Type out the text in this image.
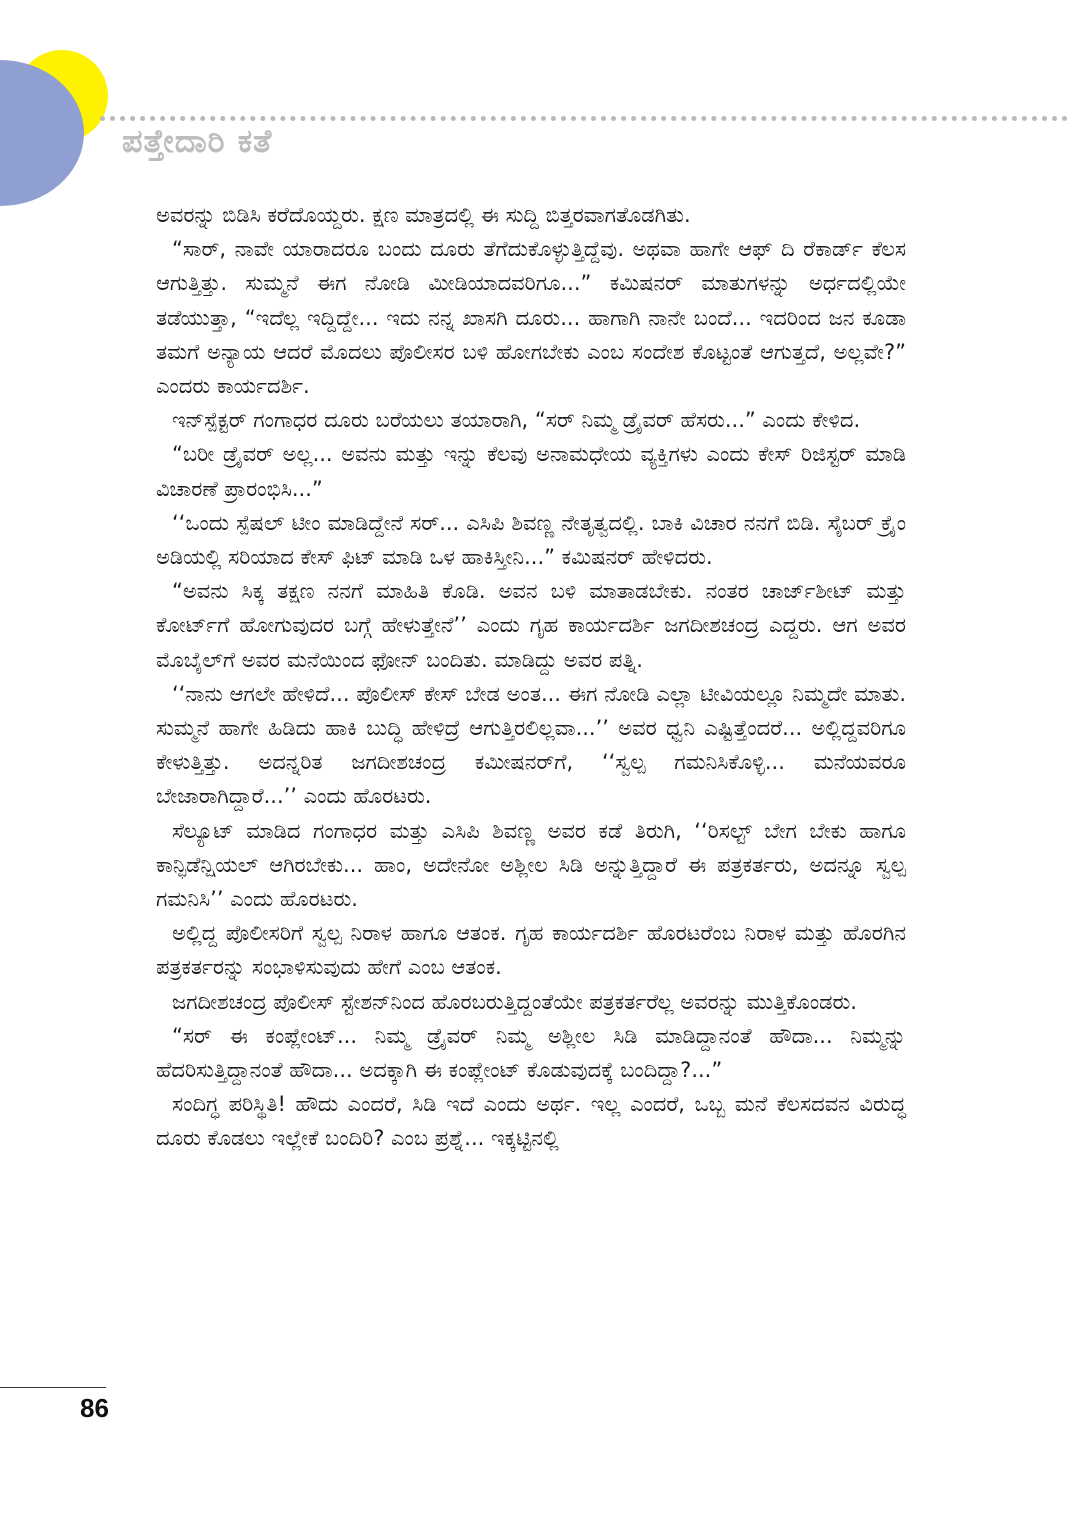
ಪತ್ತೇದಾರಿ ಕತೆ

ಅವರನ್ನು ಬಿಡಿಸಿ ಕರೆದೊಯ್ದರು. ಕ್ಷಣ ಮಾತ್ರದಲ್ಲಿ ಈ ಸುದ್ದಿ ಬಿತ್ತರವಾಗತೊಡಗಿತು.

“ಸಾರ್, ನಾವೇ ಯಾರಾದರೂ ಬಂದು ದೂರು ತೆಗೆದುಕೊಳ್ಳುತ್ತಿದ್ದೆವು. ಅಥವಾ ಹಾಗೇ ಆಫ್ ದಿ ರೆಕಾರ್ಡ್ ಕೆಲಸ ಆಗುತ್ತಿತ್ತು. ಸುಮ್ಮನೆ ಈಗ ನೋಡಿ ಮೀಡಿಯಾದವರಿಗೂ...” ಕಮಿಷನರ್ ಮಾತುಗಳನ್ನು ಅರ್ಧದಲ್ಲಿಯೇ ತಡೆಯುತ್ತಾ, “ಇದೆಲ್ಲ ಇದ್ದಿದ್ದೇ... ಇದು ನನ್ನ ಖಾಸಗಿ ದೂರು... ಹಾಗಾಗಿ ನಾನೇ ಬಂದೆ... ಇದರಿಂದ ಜನ ಕೂಡಾ ತಮಗೆ ಅನ್ಯಾಯ ಆದರೆ ಮೊದಲು ಪೊಲೀಸರ ಬಳಿ ಹೋಗಬೇಕು ಎಂಬ ಸಂದೇಶ ಕೊಟ್ಟಂತೆ ಆಗುತ್ತದೆ, ಅಲ್ಲವೇ?” ಎಂದರು ಕಾರ್ಯದರ್ಶಿ.

ಇನ್‌ಸ್ಪೆಕ್ಟರ್ ಗಂಗಾಧರ ದೂರು ಬರೆಯಲು ತಯಾರಾಗಿ, “ಸರ್ ನಿಮ್ಮ ಡ್ರೈವರ್ ಹೆಸರು...” ಎಂದು ಕೇಳಿದ.

“ಬರೀ ಡ್ರೈವರ್ ಅಲ್ಲ... ಅವನು ಮತ್ತು ಇನ್ನು ಕೆಲವು ಅನಾಮಧೇಯ ವ್ಯಕ್ತಿಗಳು ಎಂದು ಕೇಸ್ ರಿಜಿಸ್ಟರ್ ಮಾಡಿ ವಿಚಾರಣೆ ಪ್ರಾರಂಭಿಸಿ...”

‘‘ಒಂದು ಸ್ಪೆಷಲ್ ಟೀಂ ಮಾಡಿದ್ದೇನೆ ಸರ್... ಎಸಿಪಿ ಶಿವಣ್ಣ ನೇತೃತ್ವದಲ್ಲಿ. ಬಾಕಿ ವಿಚಾರ ನನಗೆ ಬಿಡಿ. ಸೈಬರ್ ಕ್ರೈಂ ಅಡಿಯಲ್ಲಿ ಸರಿಯಾದ ಕೇಸ್ ಫಿಟ್ ಮಾಡಿ ಒಳ ಹಾಕಿಸ್ತೀನಿ...” ಕಮಿಷನರ್ ಹೇಳಿದರು.

“ಅವನು ಸಿಕ್ಕ ತಕ್ಷಣ ನನಗೆ ಮಾಹಿತಿ ಕೊಡಿ. ಅವನ ಬಳಿ ಮಾತಾಡಬೇಕು. ನಂತರ ಚಾರ್ಜ್‌ಶೀಟ್ ಮತ್ತು ಕೋರ್ಟ್‌ಗೆ ಹೋಗುವುದರ ಬಗ್ಗೆ ಹೇಳುತ್ತೇನೆ’’ ಎಂದು ಗೃಹ ಕಾರ್ಯದರ್ಶಿ ಜಗದೀಶಚಂದ್ರ ಎದ್ದರು. ಆಗ ಅವರ ಮೊಬೈಲ್‌ಗೆ ಅವರ ಮನೆಯಿಂದ ಫೋನ್ ಬಂದಿತು. ಮಾಡಿದ್ದು ಅವರ ಪತ್ನಿ.

‘‘ನಾನು ಆಗಲೇ ಹೇಳಿದೆ... ಪೊಲೀಸ್ ಕೇಸ್ ಬೇಡ ಅಂತ... ಈಗ ನೋಡಿ ಎಲ್ಲಾ ಟೀವಿಯಲ್ಲೂ ನಿಮ್ಮದೇ ಮಾತು. ಸುಮ್ಮನೆ ಹಾಗೇ ಹಿಡಿದು ಹಾಕಿ ಬುದ್ಧಿ ಹೇಳಿದ್ರೆ ಆಗುತ್ತಿರಲಿಲ್ಲವಾ...’’ ಅವರ ಧ್ವನಿ ಎಷ್ಟಿತ್ತೆಂದರೆ... ಅಲ್ಲಿದ್ದವರಿಗೂ ಕೇಳುತ್ತಿತ್ತು. ಅದನ್ನರಿತ ಜಗದೀಶಚಂದ್ರ ಕಮೀಷನರ್‌ಗೆ, ‘‘ಸ್ವಲ್ಪ ಗಮನಿಸಿಕೊಳ್ಳಿ... ಮನೆಯವರೂ ಬೇಜಾರಾಗಿದ್ದಾರೆ...’’ ಎಂದು ಹೊರಟರು.

ಸೆಲ್ಯೂಟ್ ಮಾಡಿದ ಗಂಗಾಧರ ಮತ್ತು ಎಸಿಪಿ ಶಿವಣ್ಣ ಅವರ ಕಡೆ ತಿರುಗಿ, ‘‘ರಿಸಲ್ಟ್ ಬೇಗ ಬೇಕು ಹಾಗೂ ಕಾನ್ಫಿಡೆನ್ಷಿಯಲ್ ಆಗಿರಬೇಕು... ಹಾಂ, ಅದೇನೋ ಅಶ್ಲೀಲ ಸಿಡಿ ಅನ್ನುತ್ತಿದ್ದಾರೆ ಈ ಪತ್ರಕರ್ತರು, ಅದನ್ನೂ ಸ್ವಲ್ಪ ಗಮನಿಸಿ’’ ಎಂದು ಹೊರಟರು.

ಅಲ್ಲಿದ್ದ ಪೊಲೀಸರಿಗೆ ಸ್ವಲ್ಪ ನಿರಾಳ ಹಾಗೂ ಆತಂಕ. ಗೃಹ ಕಾರ್ಯದರ್ಶಿ ಹೊರಟರೆಂಬ ನಿರಾಳ ಮತ್ತು ಹೊರಗಿನ ಪತ್ರಕರ್ತರನ್ನು ಸಂಭಾಳಿಸುವುದು ಹೇಗೆ ಎಂಬ ಆತಂಕ.

ಜಗದೀಶಚಂದ್ರ ಪೊಲೀಸ್ ಸ್ಟೇಶನ್‌ನಿಂದ ಹೊರಬರುತ್ತಿದ್ದಂತೆಯೇ ಪತ್ರಕರ್ತರೆಲ್ಲ ಅವರನ್ನು ಮುತ್ತಿಕೊಂಡರು.

“ಸರ್ ಈ ಕಂಪ್ಲೇಂಟ್... ನಿಮ್ಮ ಡ್ರೈವರ್ ನಿಮ್ಮ ಅಶ್ಲೀಲ ಸಿಡಿ ಮಾಡಿದ್ದಾನಂತೆ ಹೌದಾ... ನಿಮ್ಮನ್ನು ಹೆದರಿಸುತ್ತಿದ್ದಾನಂತೆ ಹೌದಾ... ಅದಕ್ಕಾಗಿ ಈ ಕಂಪ್ಲೇಂಟ್ ಕೊಡುವುದಕ್ಕೆ ಬಂದಿದ್ದಾ?...”

ಸಂದಿಗ್ಧ ಪರಿಸ್ಥಿತಿ! ಹೌದು ಎಂದರೆ, ಸಿಡಿ ಇದೆ ಎಂದು ಅರ್ಥ. ಇಲ್ಲ ಎಂದರೆ, ಒಬ್ಬ ಮನೆ ಕೆಲಸದವನ ವಿರುದ್ಧ ದೂರು ಕೊಡಲು ಇಲ್ಲೇಕೆ ಬಂದಿರಿ? ಎಂಬ ಪ್ರಶ್ನೆ... ಇಕ್ಕಟ್ಟಿನಲ್ಲಿ

86
